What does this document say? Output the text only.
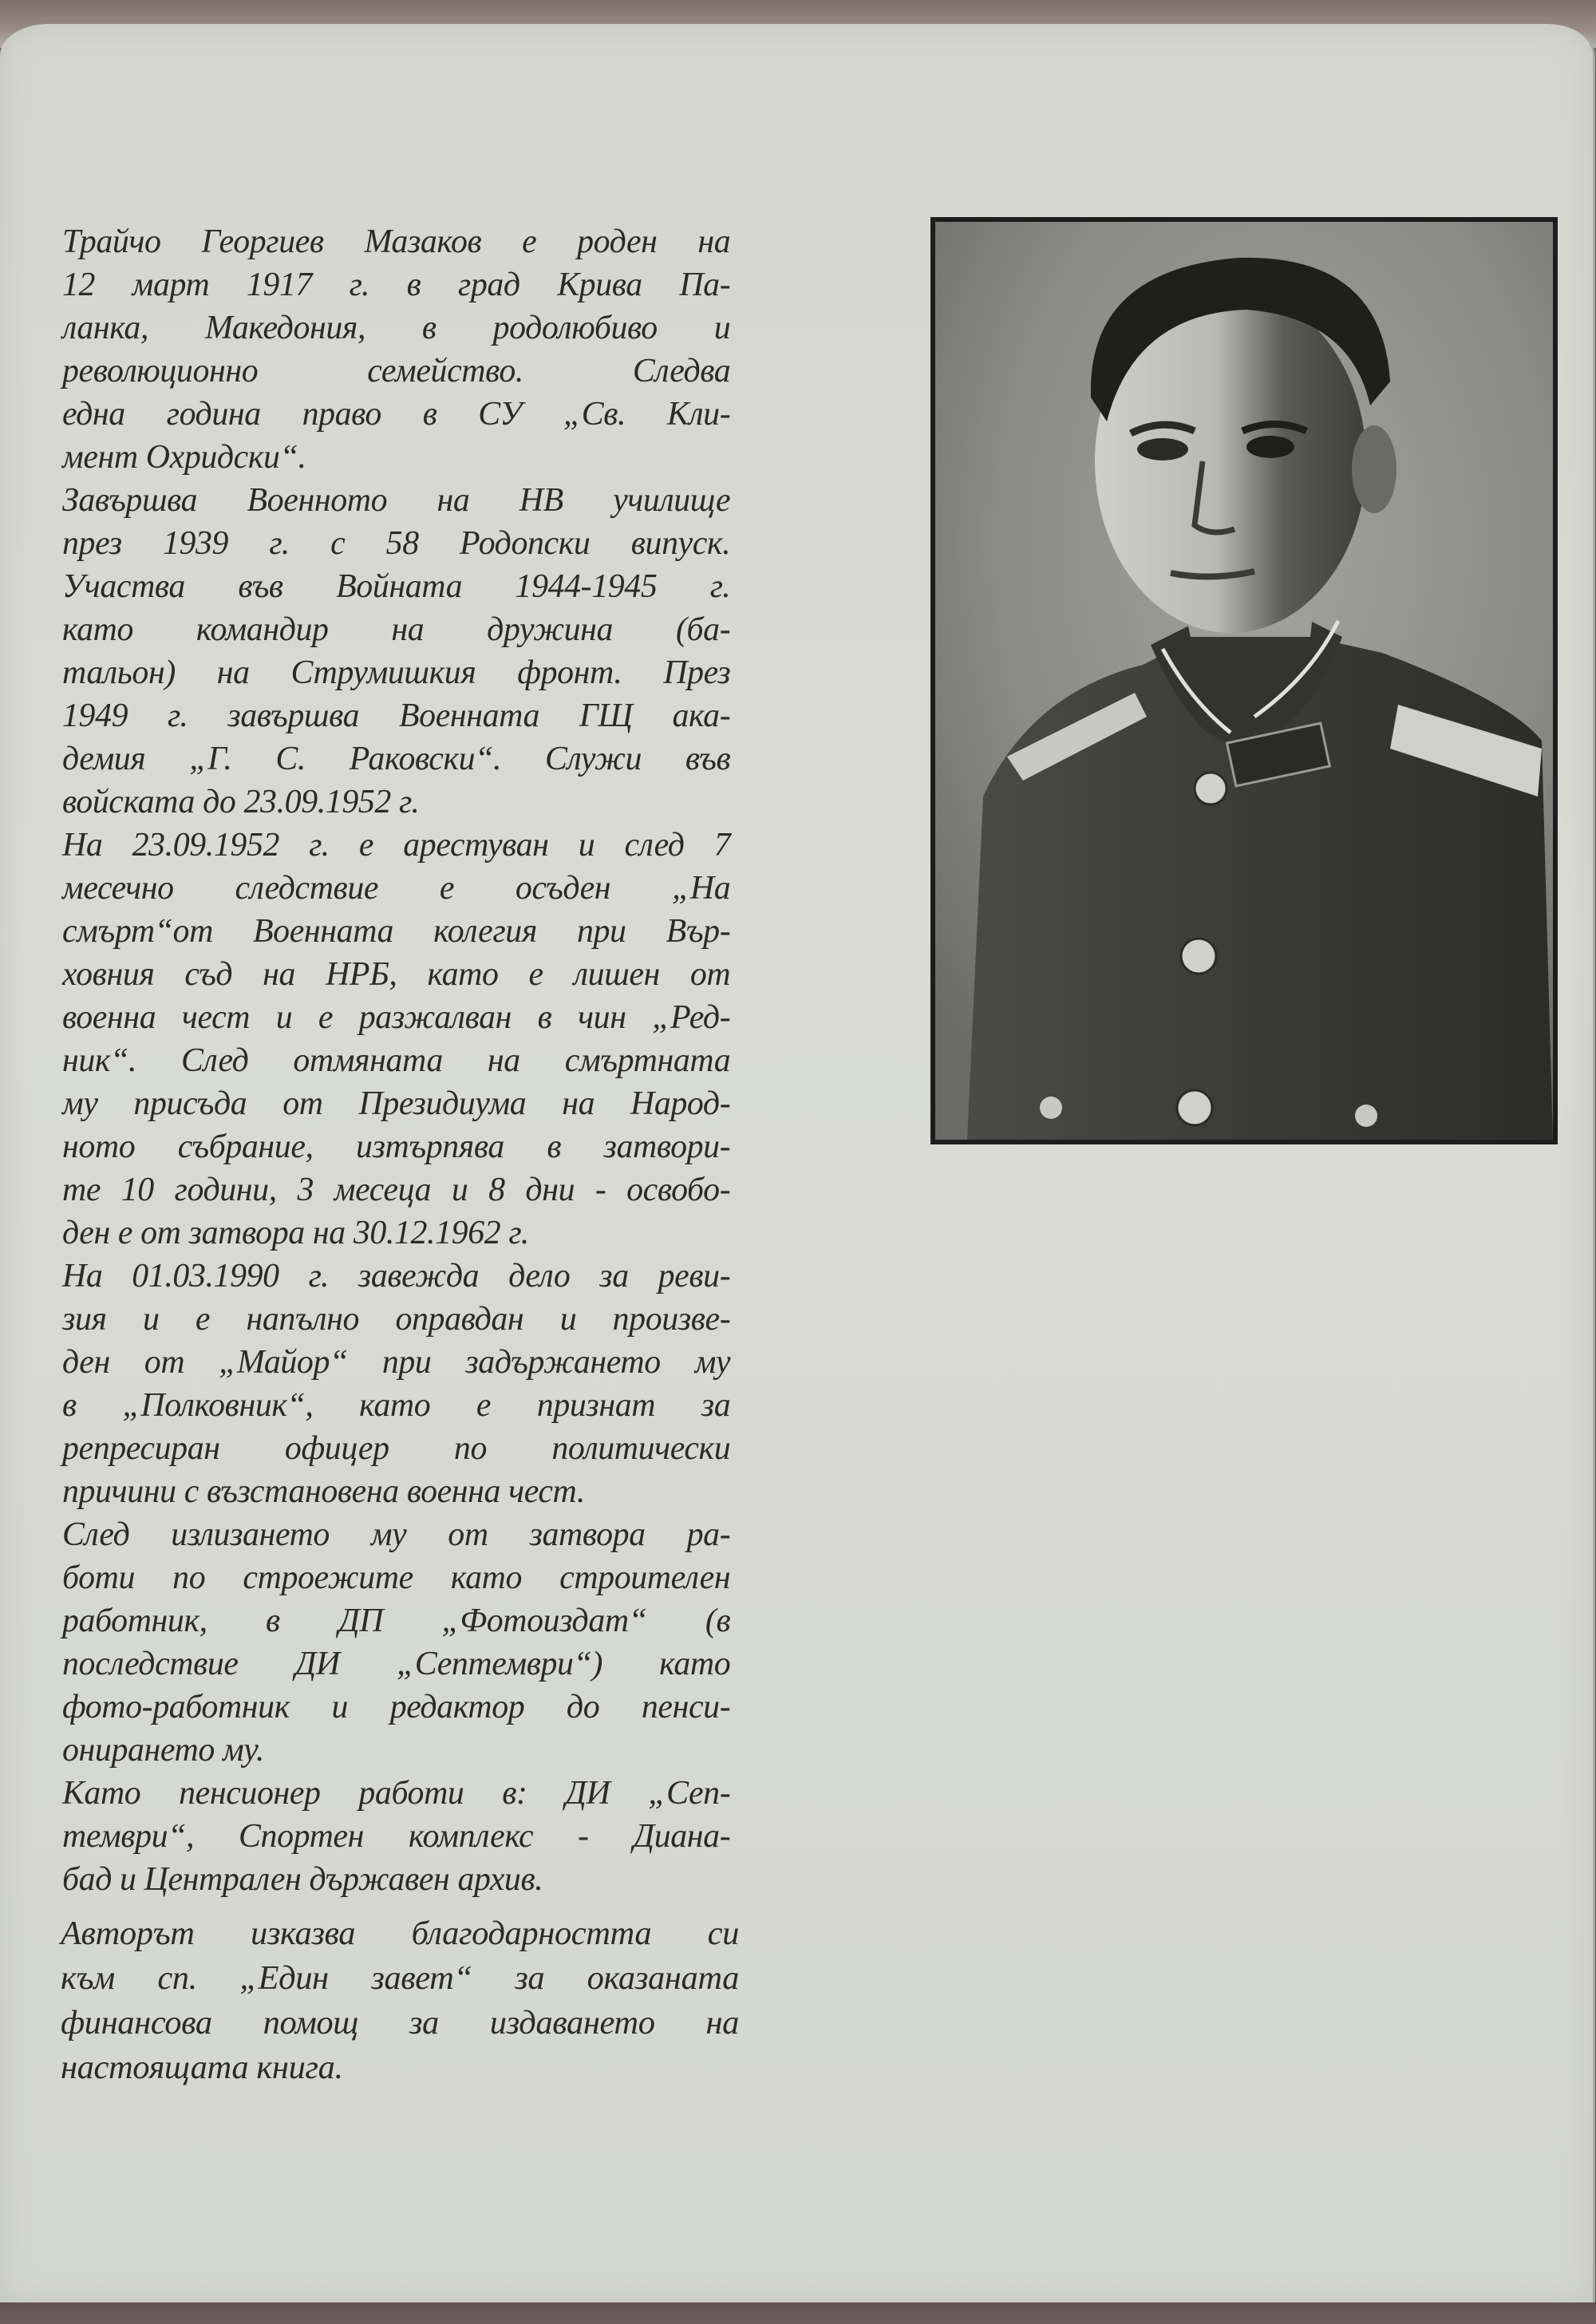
Трайчо Георгиев Мазаков е роден на
12 март 1917 г. в град Крива Па-
ланка, Македония, в родолюбиво и
революционно семейство. Следва
една година право в СУ „Св. Кли-
мент Охридски“.
Завършва Военното на НВ училище
през 1939 г. с 58 Родопски випуск.
Участва във Войната 1944-1945 г.
като командир на дружина (ба-
тальон) на Струмишкия фронт. През
1949 г. завършва Военната ГЩ ака-
демия „Г. С. Раковски“. Служи във
войската до 23.09.1952 г.
На 23.09.1952 г. е арестуван и след 7
месечно следствие е осъден „На
смърт“от Военната колегия при Вър-
ховния съд на НРБ, като е лишен от
военна чест и е разжалван в чин „Ред-
ник“. След отмяната на смъртната
му присъда от Президиума на Народ-
ното събрание, изтърпява в затвори-
те 10 години, 3 месеца и 8 дни - освобо-
ден е от затвора на 30.12.1962 г.
На 01.03.1990 г. завежда дело за реви-
зия и е напълно оправдан и произве-
ден от „Майор“ при задържането му
в „Полковник“, като е признат за
репресиран офицер по политически
причини с възстановена военна чест.
След излизането му от затвора ра-
боти по строежите като строителен
работник, в ДП „Фотоиздат“ (в
последствие ДИ „Септември“) като
фото-работник и редактор до пенси-
онирането му.
Като пенсионер работи в: ДИ „Сеп-
тември“, Спортен комплекс - Диана-
бад и Централен държавен архив.
Авторът изказва благодарността си
към сп. „Един завет“ за оказаната
финансова помощ за издаването на
настоящата книга.
